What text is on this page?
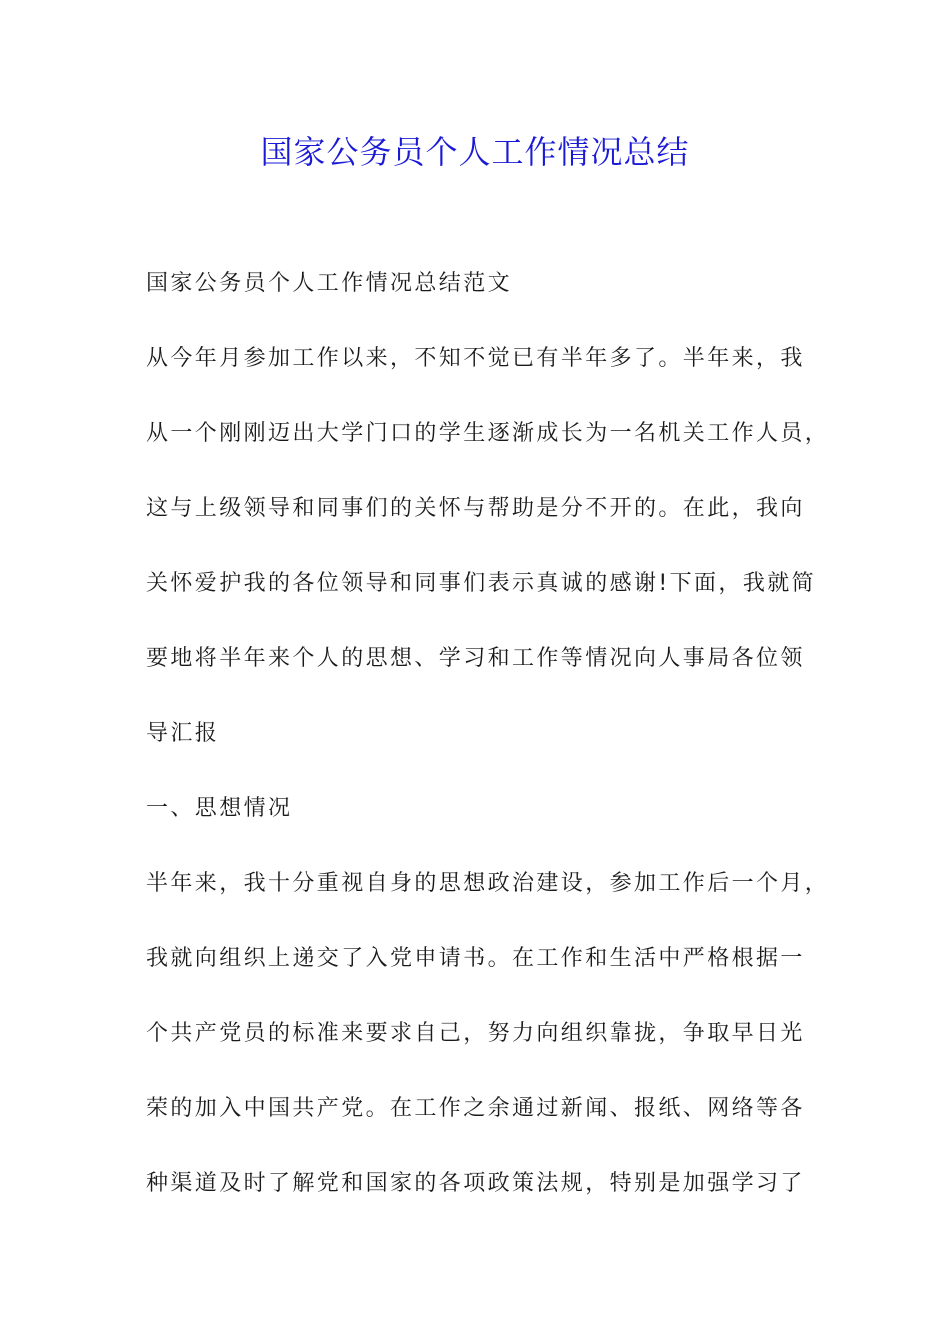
国家公务员个人工作情况总结

国家公务员个人工作情况总结范文

从今年月参加工作以来，不知不觉已有半年多了。半年来，我

从一个刚刚迈出大学门口的学生逐渐成长为一名机关工作人员，

这与上级领导和同事们的关怀与帮助是分不开的。在此，我向

关怀爱护我的各位领导和同事们表示真诚的感谢!下面，我就简

要地将半年来个人的思想、学习和工作等情况向人事局各位领

导汇报

一、思想情况

半年来，我十分重视自身的思想政治建设，参加工作后一个月，

我就向组织上递交了入党申请书。在工作和生活中严格根据一

个共产党员的标准来要求自己，努力向组织靠拢，争取早日光

荣的加入中国共产党。在工作之余通过新闻、报纸、网络等各

种渠道及时了解党和国家的各项政策法规，特别是加强学习了
